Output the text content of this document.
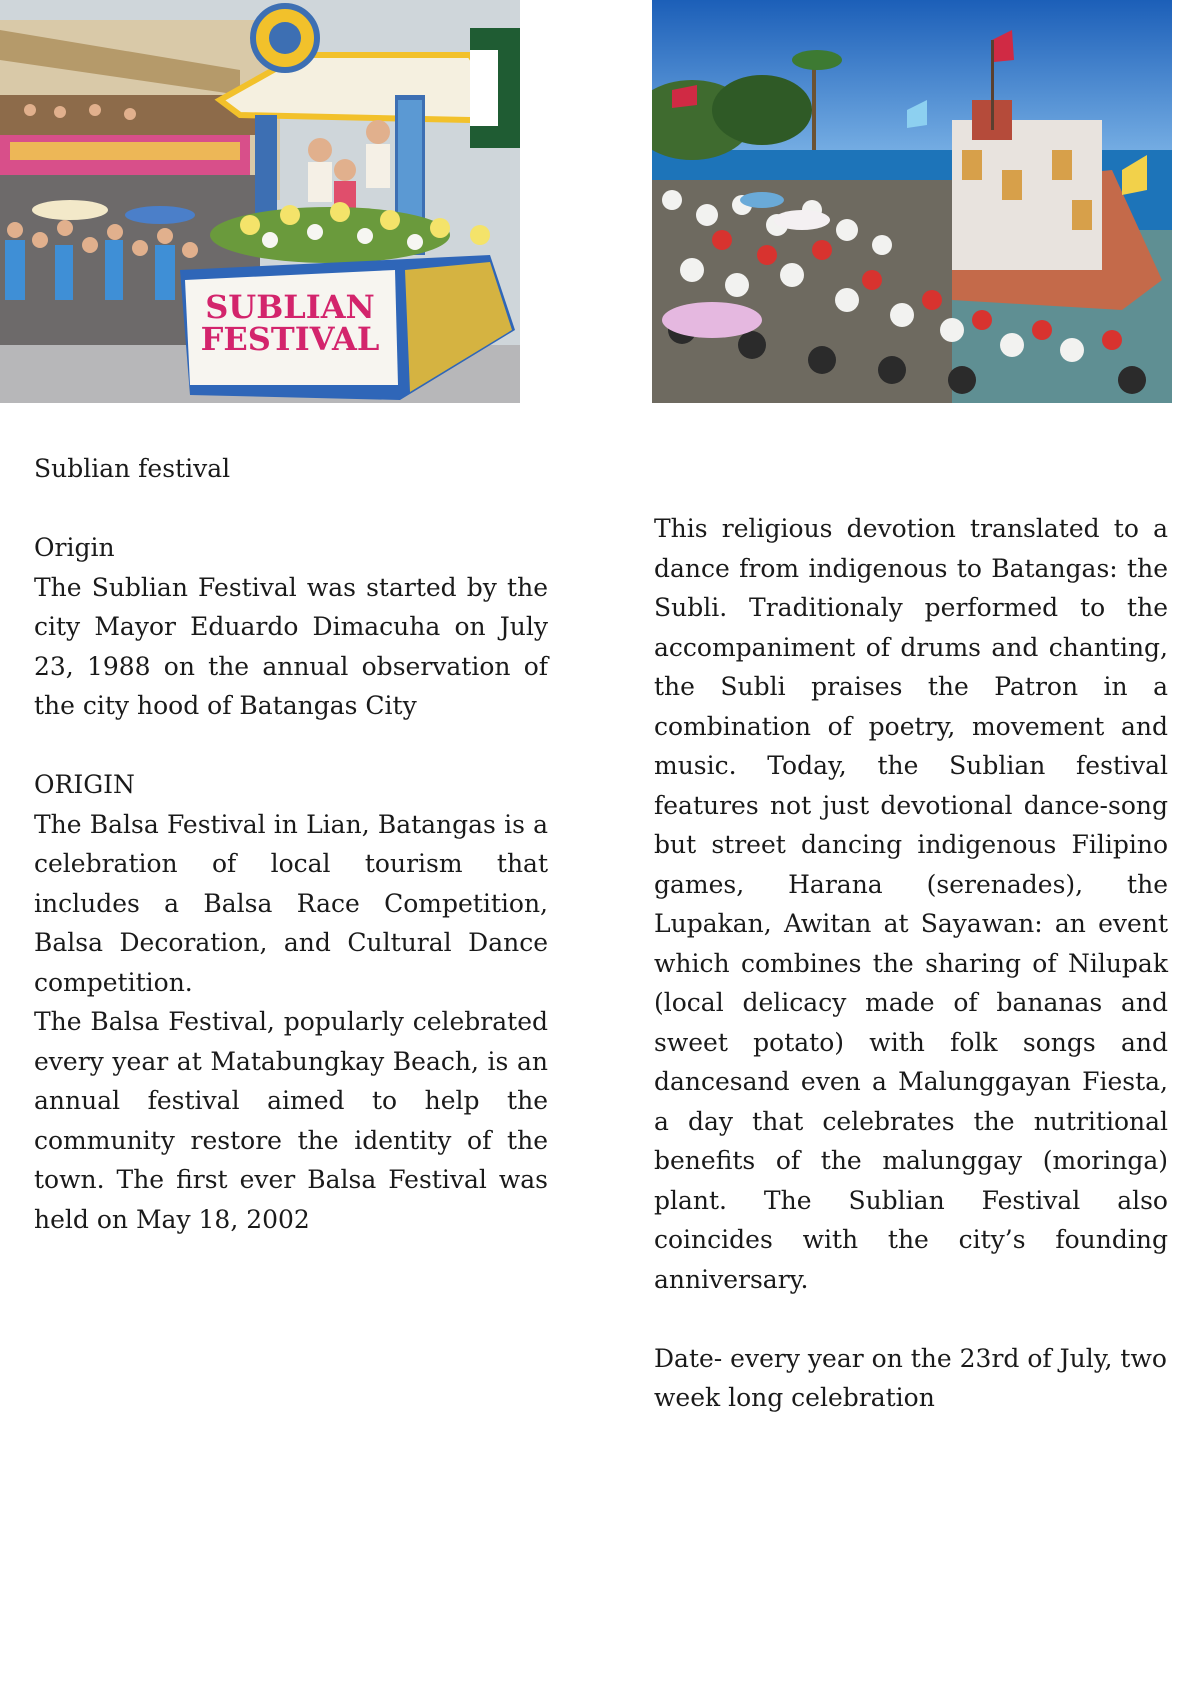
SUBLIAN
FESTIVAL

Sublian festival

Origin

The Sublian Festival was started by the city Mayor Eduardo Dimacuha on July 23, 1988 on the annual observation of the city hood of Batangas City

ORIGIN

The Balsa Festival in Lian, Batangas is a celebration of local tourism that includes a Balsa Race Competition, Balsa Decoration, and Cultural Dance competition.

The Balsa Festival, popularly celebrated every year at Matabungkay Beach, is an annual festival aimed to help the community restore the identity of the town. The first ever Balsa Festival was held on May 18, 2002

This religious devotion translated to a dance from indigenous to Batangas: the Subli. Traditionaly performed to the accompaniment of drums and chanting, the Subli praises the Patron in a combination of poetry, movement and music. Today, the Sublian festival features not just devotional dance-song but street dancing indigenous Filipino games, Harana (serenades), the Lupakan, Awitan at Sayawan: an event which combines the sharing of Nilupak (local delicacy made of bananas and sweet potato) with folk songs and dancesand even a Malunggayan Fiesta, a day that celebrates the nutritional benefits of the malunggay (moringa) plant. The Sublian Festival also coincides with the city’s founding anniversary.

Date- every year on the 23rd of July, two week long celebration
